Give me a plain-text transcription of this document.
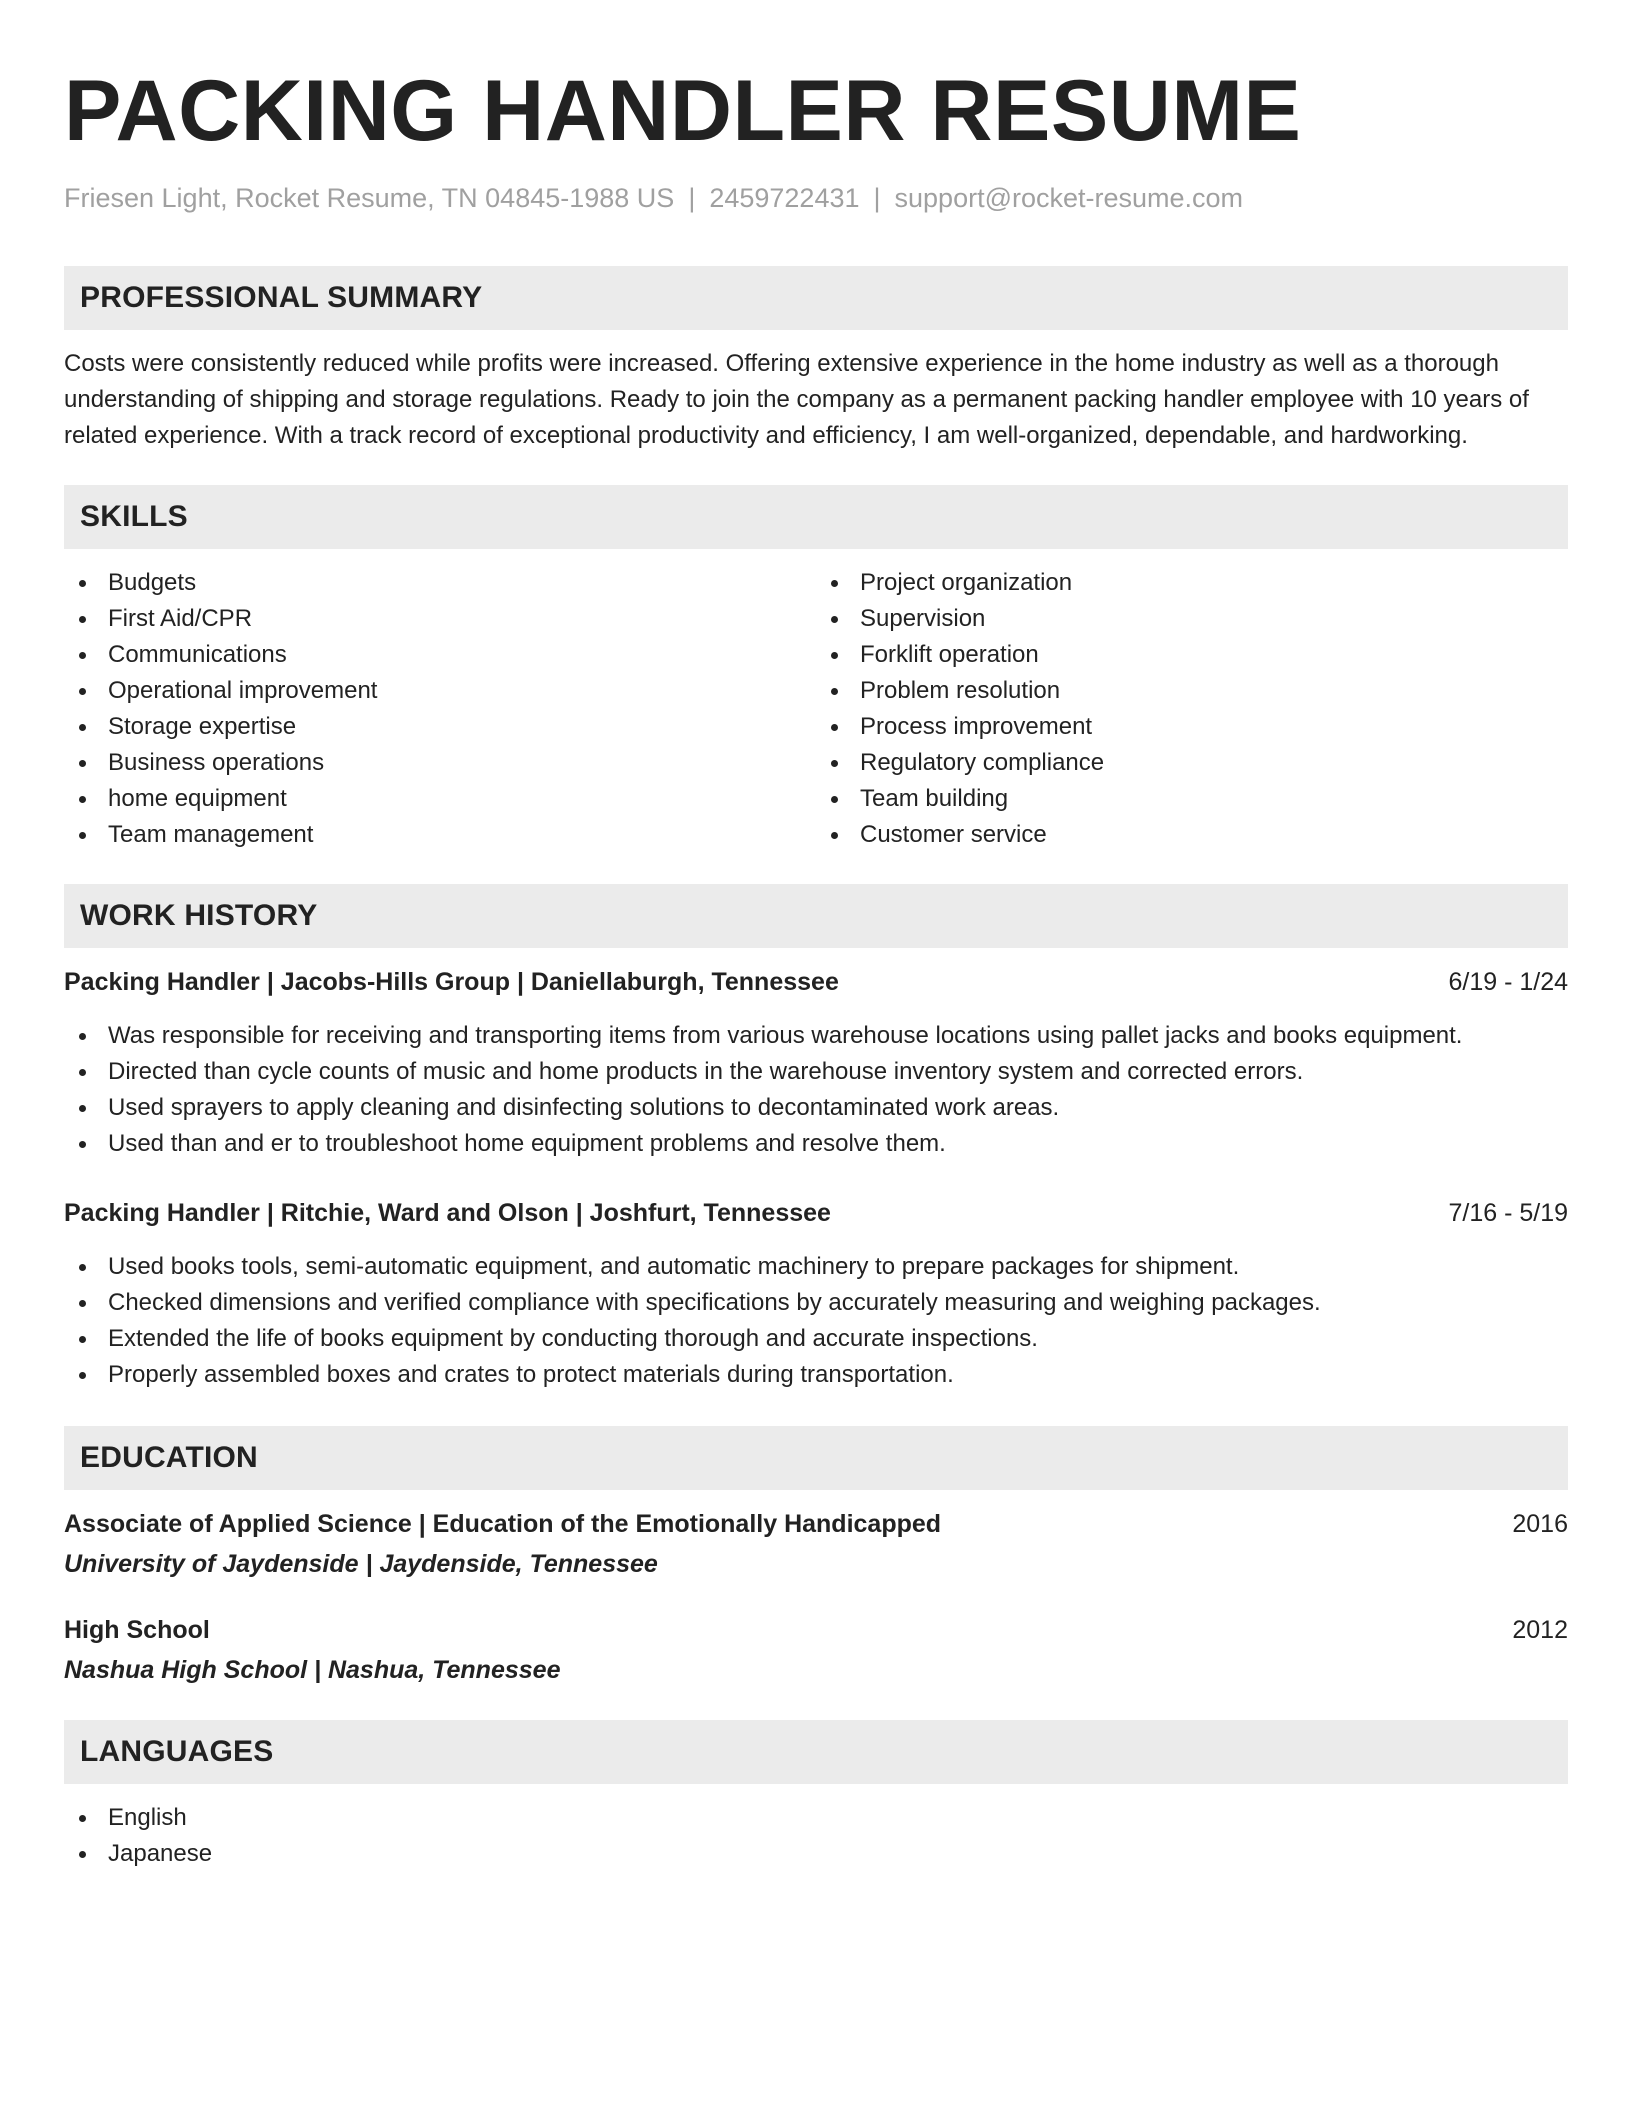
PACKING HANDLER RESUME
Friesen Light, Rocket Resume, TN 04845-1988 US | 2459722431 | support@rocket-resume.com
PROFESSIONAL SUMMARY

Costs were consistently reduced while profits were increased. Offering extensive experience in the home industry as well as a thorough understanding of shipping and storage regulations. Ready to join the company as a permanent packing handler employee with 10 years of related experience. With a track record of exceptional productivity and efficiency, I am well-organized, dependable, and hardworking.

SKILLS
Budgets
First Aid/CPR
Communications
Operational improvement
Storage expertise
Business operations
home equipment
Team management
Project organization
Supervision
Forklift operation
Problem resolution
Process improvement
Regulatory compliance
Team building
Customer service
WORK HISTORY
Packing Handler | Jacobs-Hills Group | Daniellaburgh, Tennessee	6/19 - 1/24
Was responsible for receiving and transporting items from various warehouse locations using pallet jacks and books equipment.
Directed than cycle counts of music and home products in the warehouse inventory system and corrected errors.
Used sprayers to apply cleaning and disinfecting solutions to decontaminated work areas.
Used than and er to troubleshoot home equipment problems and resolve them.
Packing Handler | Ritchie, Ward and Olson | Joshfurt, Tennessee	7/16 - 5/19
Used books tools, semi-automatic equipment, and automatic machinery to prepare packages for shipment.
Checked dimensions and verified compliance with specifications by accurately measuring and weighing packages.
Extended the life of books equipment by conducting thorough and accurate inspections.
Properly assembled boxes and crates to protect materials during transportation.
EDUCATION
Associate of Applied Science | Education of the Emotionally Handicapped	2016
University of Jaydenside | Jaydenside, Tennessee
High School	2012
Nashua High School | Nashua, Tennessee
LANGUAGES
English
Japanese
